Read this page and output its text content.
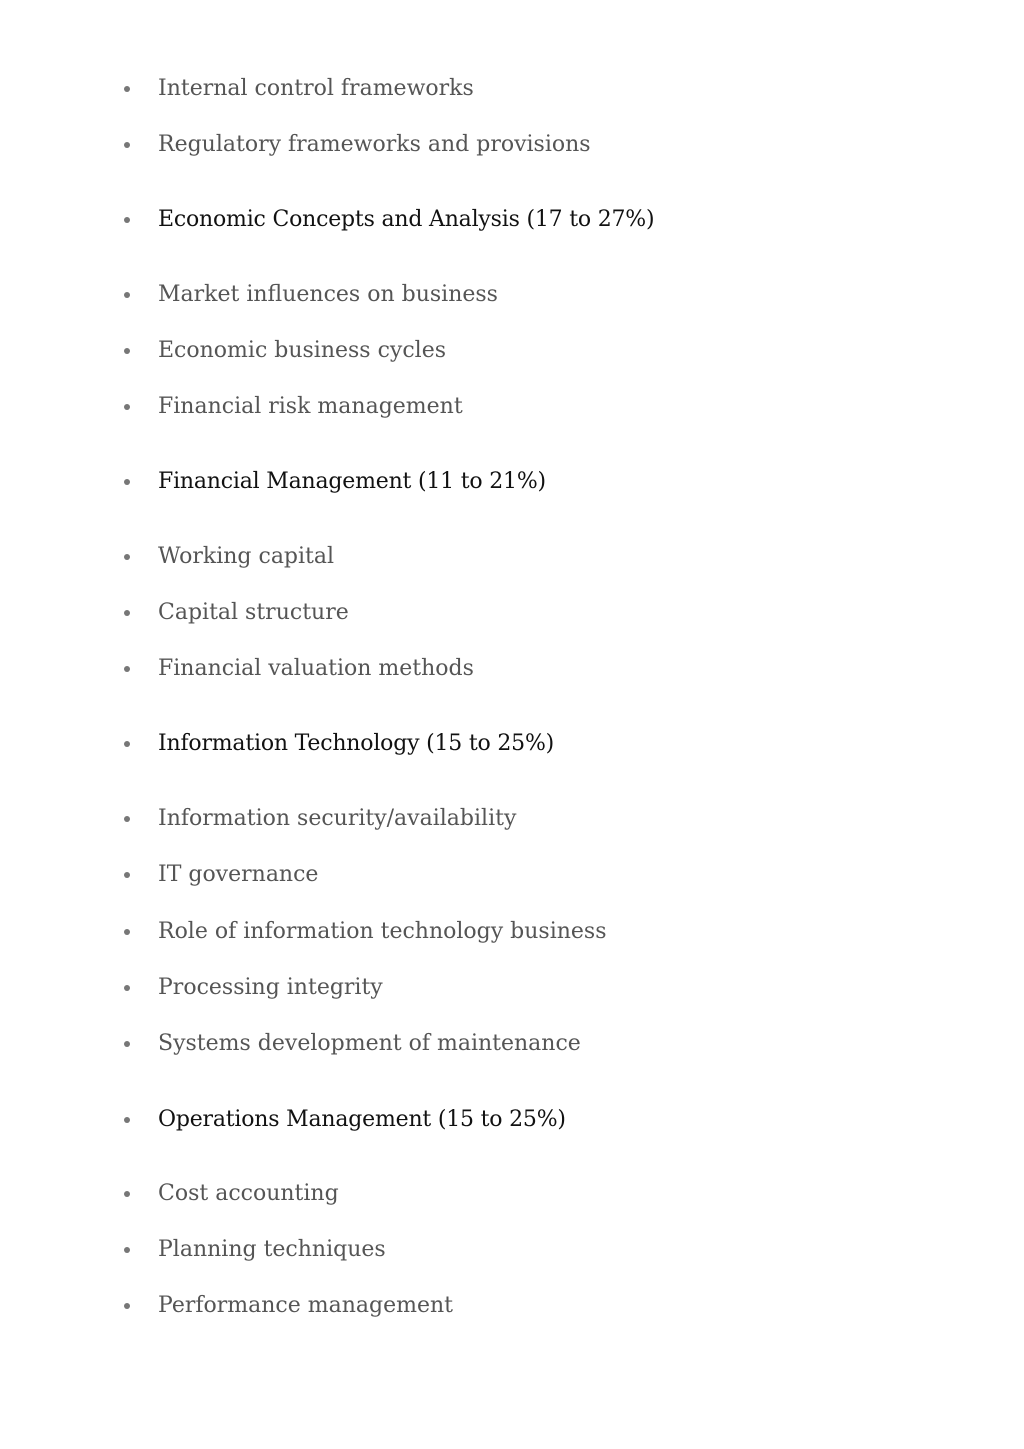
Internal control frameworks
Regulatory frameworks and provisions
Economic Concepts and Analysis (17 to 27%)
Market influences on business
Economic business cycles
Financial risk management
Financial Management (11 to 21%)
Working capital
Capital structure
Financial valuation methods
Information Technology (15 to 25%)
Information security/availability
IT governance
Role of information technology business
Processing integrity
Systems development of maintenance
Operations Management (15 to 25%)
Cost accounting
Planning techniques
Performance management
